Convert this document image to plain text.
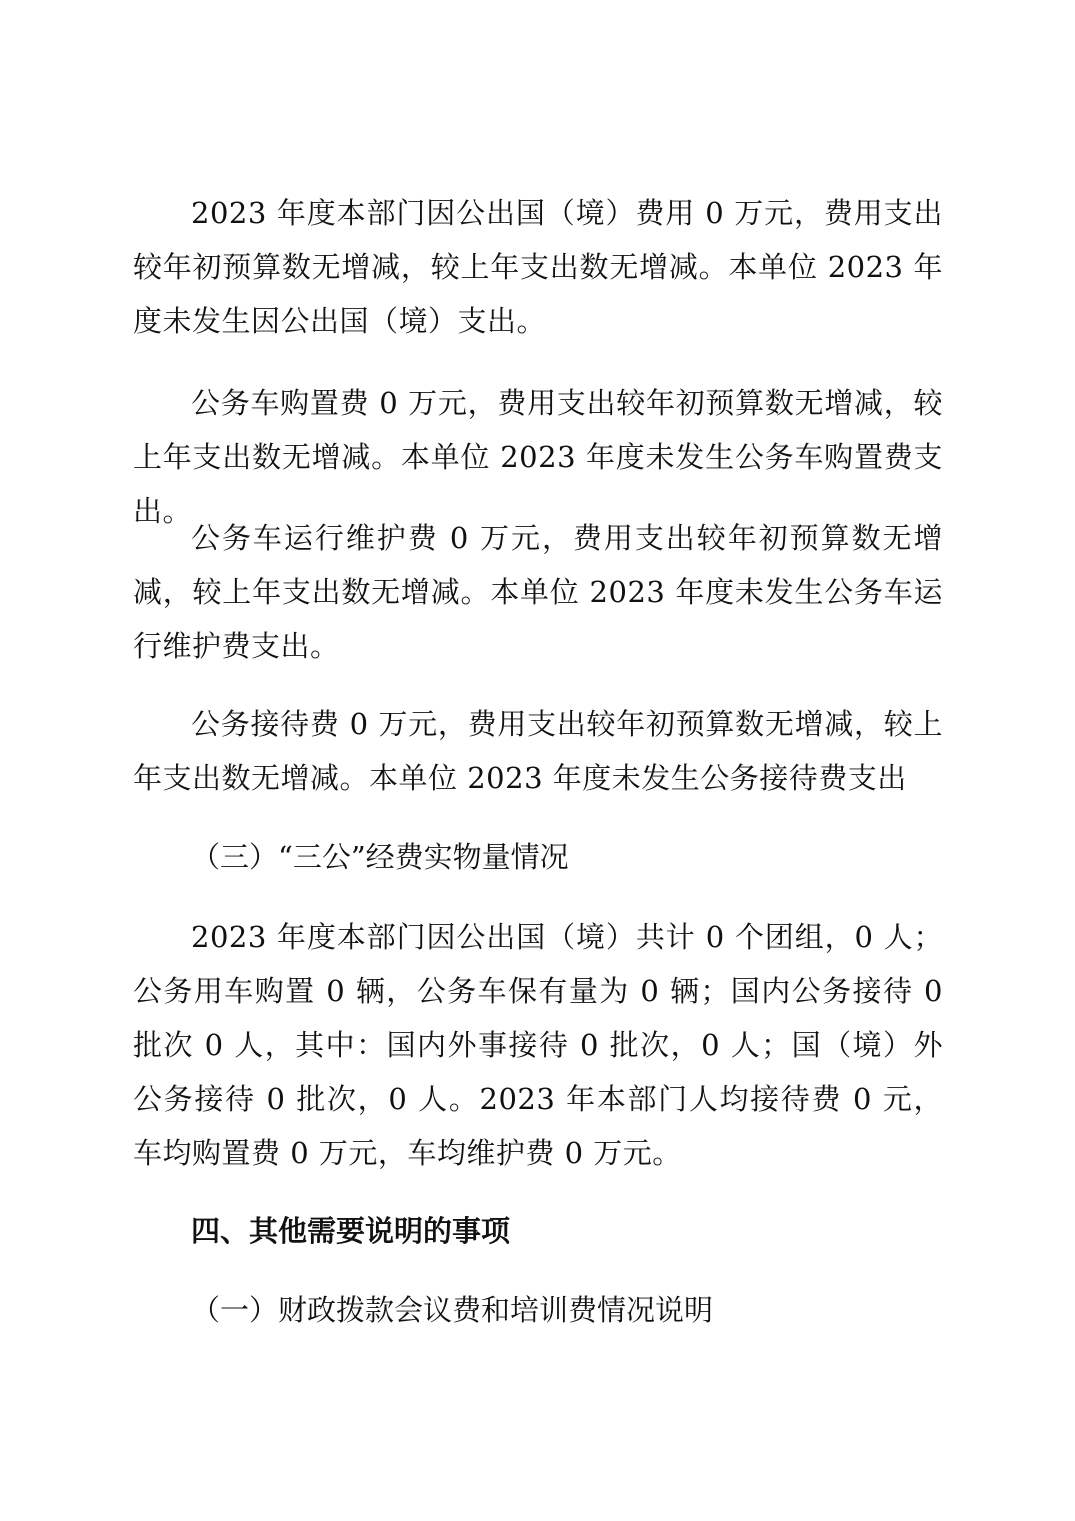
2023 年度本部门因公出国（境）费用 0 万元，费用支出较年初预算数无增减，较上年支出数无增减。本单位 2023 年度未发生因公出国（境）支出。

公务车购置费 0 万元，费用支出较年初预算数无增减，较上年支出数无增减。本单位 2023 年度未发生公务车购置费支出。

公务车运行维护费 0 万元，费用支出较年初预算数无增减，较上年支出数无增减。本单位 2023 年度未发生公务车运行维护费支出。

公务接待费 0 万元，费用支出较年初预算数无增减，较上年支出数无增减。本单位 2023 年度未发生公务接待费支出

（三）“三公”经费实物量情况

2023 年度本部门因公出国（境）共计 0 个团组，0 人；公务用车购置 0 辆，公务车保有量为 0 辆；国内公务接待 0 批次 0 人，其中：国内外事接待 0 批次，0 人；国（境）外公务接待 0 批次，0 人。2023 年本部门人均接待费 0 元，车均购置费 0 万元，车均维护费 0 万元。

四、其他需要说明的事项

（一）财政拨款会议费和培训费情况说明
